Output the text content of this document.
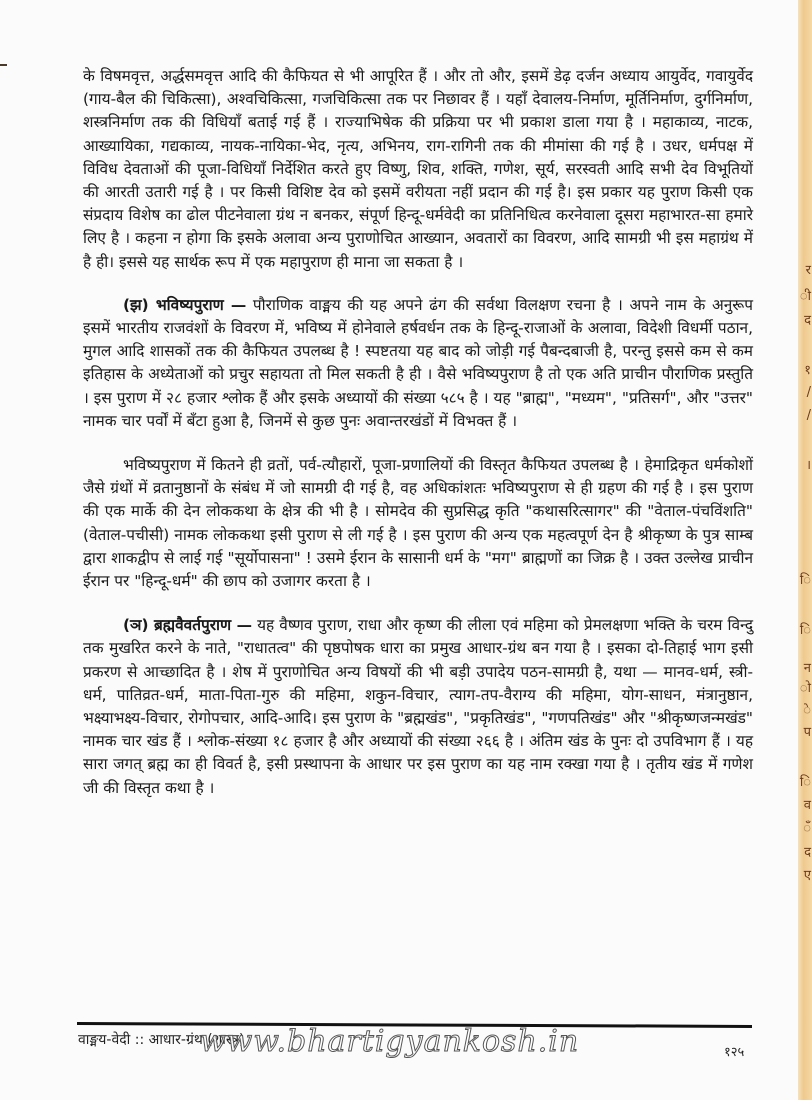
के विषमवृत्त, अर्द्धसमवृत्त आदि की कैफियत से भी आपूरित हैं । और तो और, इसमें डेढ़ दर्जन अध्याय आयुर्वेद, गवायुर्वेद (गाय-बैल की चिकित्सा), अश्वचिकित्सा, गजचिकित्सा तक पर निछावर हैं । यहाँ देवालय-निर्माण, मूर्तिनिर्माण, दुर्गनिर्माण, शस्त्रनिर्माण तक की विधियाँ बताई गई हैं । राज्याभिषेक की प्रक्रिया पर भी प्रकाश डाला गया है । महाकाव्य, नाटक, आख्यायिका, गद्यकाव्य, नायक-नायिका-भेद, नृत्य, अभिनय, राग-रागिनी तक की मीमांसा की गई है । उधर, धर्मपक्ष में विविध देवताओं की पूजा-विधियाँ निर्देशित करते हुए विष्णु, शिव, शक्ति, गणेश, सूर्य, सरस्वती आदि सभी देव विभूतियों की आरती उतारी गई है । पर किसी विशिष्ट देव को इसमें वरीयता नहीं प्रदान की गई है। इस प्रकार यह पुराण किसी एक संप्रदाय विशेष का ढोल पीटनेवाला ग्रंथ न बनकर, संपूर्ण हिन्दू-धर्मवेदी का प्रतिनिधित्व करनेवाला दूसरा महाभारत-सा हमारे लिए है । कहना न होगा कि इसके अलावा अन्य पुराणोचित आख्यान, अवतारों का विवरण, आदि सामग्री भी इस महाग्रंथ में है ही। इससे यह सार्थक रूप में एक महापुराण ही माना जा सकता है ।

(झ) भविष्यपुराण — पौराणिक वाङ्मय की यह अपने ढंग की सर्वथा विलक्षण रचना है । अपने नाम के अनुरूप इसमें भारतीय राजवंशों के विवरण में, भविष्य में होनेवाले हर्षवर्धन तक के हिन्दू-राजाओं के अलावा, विदेशी विधर्मी पठान, मुगल आदि शासकों तक की कैफियत उपलब्ध है ! स्पष्टतया यह बाद को जोड़ी गई पैबन्दबाजी है, परन्तु इससे कम से कम इतिहास के अध्येताओं को प्रचुर सहायता तो मिल सकती है ही । वैसे भविष्यपुराण है तो एक अति प्राचीन पौराणिक प्रस्तुति । इस पुराण में २८ हजार श्लोक हैं और इसके अध्यायों की संख्या ५८५ है । यह "ब्राह्म", "मध्यम", "प्रतिसर्ग", और "उत्तर" नामक चार पर्वों में बँटा हुआ है, जिनमें से कुछ पुनः अवान्तरखंडों में विभक्त हैं ।

भविष्यपुराण में कितने ही व्रतों, पर्व-त्यौहारों, पूजा-प्रणालियों की विस्तृत कैफियत उपलब्ध है । हेमाद्रिकृत धर्मकोशों जैसे ग्रंथों में व्रतानुष्ठानों के संबंध में जो सामग्री दी गई है, वह अधिकांशतः भविष्यपुराण से ही ग्रहण की गई है । इस पुराण की एक मार्के की देन लोककथा के क्षेत्र की भी है । सोमदेव की सुप्रसिद्ध कृति "कथासरित्सागर" की "वेताल-पंचविंशति" (वेताल-पचीसी) नामक लोककथा इसी पुराण से ली गई है । इस पुराण की अन्य एक महत्वपूर्ण देन है श्रीकृष्ण के पुत्र साम्ब द्वारा शाकद्वीप से लाई गई "सूर्योपासना" ! उसमे ईरान के सासानी धर्म के "मग" ब्राह्मणों का जिक्र है । उक्त उल्लेख प्राचीन ईरान पर "हिन्दू-धर्म" की छाप को उजागर करता है ।

(ञ) ब्रह्मवैवर्तपुराण — यह वैष्णव पुराण, राधा और कृष्ण की लीला एवं महिमा को प्रेमलक्षणा भक्ति के चरम विन्दु तक मुखरित करने के नाते, "राधातत्व" की पृष्ठपोषक धारा का प्रमुख आधार-ग्रंथ बन गया है । इसका दो-तिहाई भाग इसी प्रकरण से आच्छादित है । शेष में पुराणोचित अन्य विषयों की भी बड़ी उपादेय पठन-सामग्री है, यथा — मानव-धर्म, स्त्री-धर्म, पातिव्रत-धर्म, माता-पिता-गुरु की महिमा, शकुन-विचार, त्याग-तप-वैराग्य की महिमा, योग-साधन, मंत्रानुष्ठान, भक्ष्याभक्ष्य-विचार, रोगोपचार, आदि-आदि। इस पुराण के "ब्रह्मखंड", "प्रकृतिखंड", "गणपतिखंड" और "श्रीकृष्णजन्मखंड" नामक चार खंड हैं । श्लोक-संख्या १८ हजार है और अध्यायों की संख्या २६६ है । अंतिम खंड के पुनः दो उपविभाग हैं । यह सारा जगत् ब्रह्म का ही विवर्त है, इसी प्रस्थापना के आधार पर इस पुराण का यह नाम रक्खा गया है । तृतीय खंड में गणेश जी की विस्तृत कथा है ।

वाङ्मय-वेदी :: आधार-ग्रंथ (शास्त्र)
www.bhartigyankosh.in	१२५
र
ी
द
१
/
/
।
ि
ि
न
ो
े
प
ि
व
ँ
द
ए
